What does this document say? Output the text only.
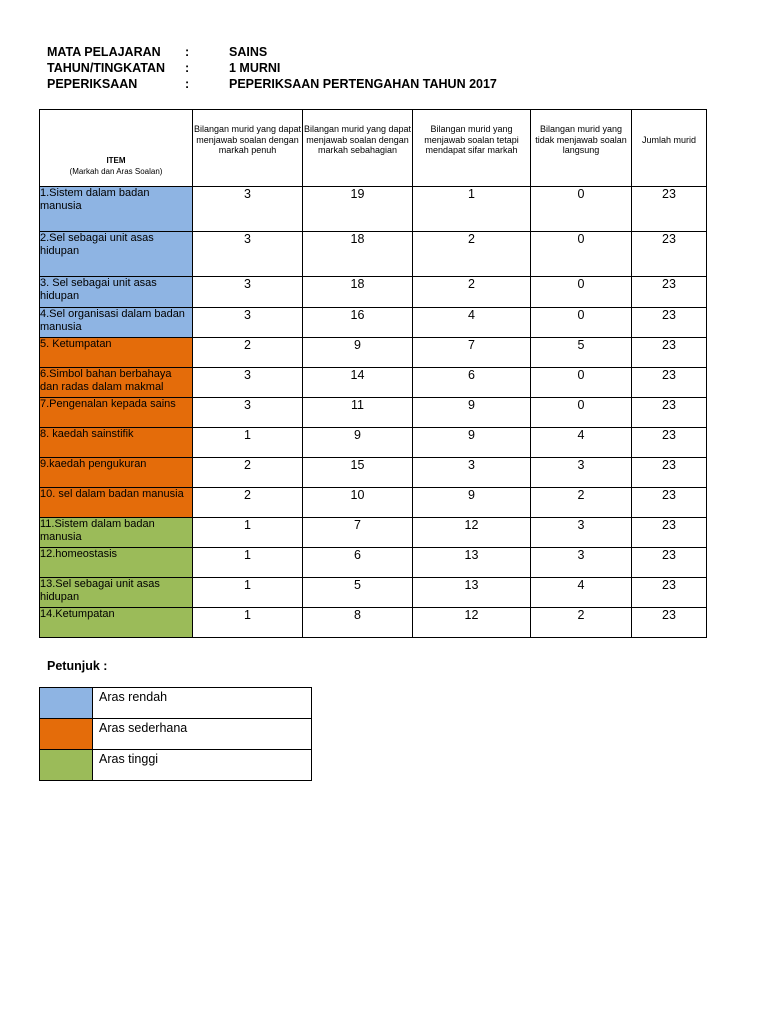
MATA PELAJARAN :	SAINS
TAHUN/TINGKATAN :	1 MURNI
PEPERIKSAAN	:	PEPERIKSAAN PERTENGAHAN TAHUN 2017
ITEM
(Markah dan Aras Soalan)	Bilangan murid yang dapat menjawab soalan dengan markah penuh	Bilangan murid yang dapat menjawab soalan dengan markah sebahagian	Bilangan murid yang menjawab soalan tetapi mendapat sifar markah	Bilangan murid yang tidak menjawab soalan langsung	Jumlah murid

1.Sistem dalam badan manusia	3	19	1	0	23
2.Sel sebagai unit asas hidupan	3	18	2	0	23
3. Sel sebagai unit asas hidupan	3	18	2	0	23
4.Sel organisasi dalam badan manusia	3	16	4	0	23
5. Ketumpatan	2	9	7	5	23
6.Simbol bahan berbahaya dan radas dalam makmal	3	14	6	0	23
7.Pengenalan kepada sains	3	11	9	0	23
8. kaedah sainstifik	1	9	9	4	23
9.kaedah pengukuran	2	15	3	3	23
10. sel dalam badan manusia	2	10	9	2	23
11.Sistem dalam badan manusia	1	7	12	3	23
12.homeostasis	1	6	13	3	23
13.Sel sebagai unit asas hidupan	1	5	13	4	23
14.Ketumpatan	1	8	12	2	23
Petunjuk :
	Aras rendah
	Aras sederhana
	Aras tinggi
